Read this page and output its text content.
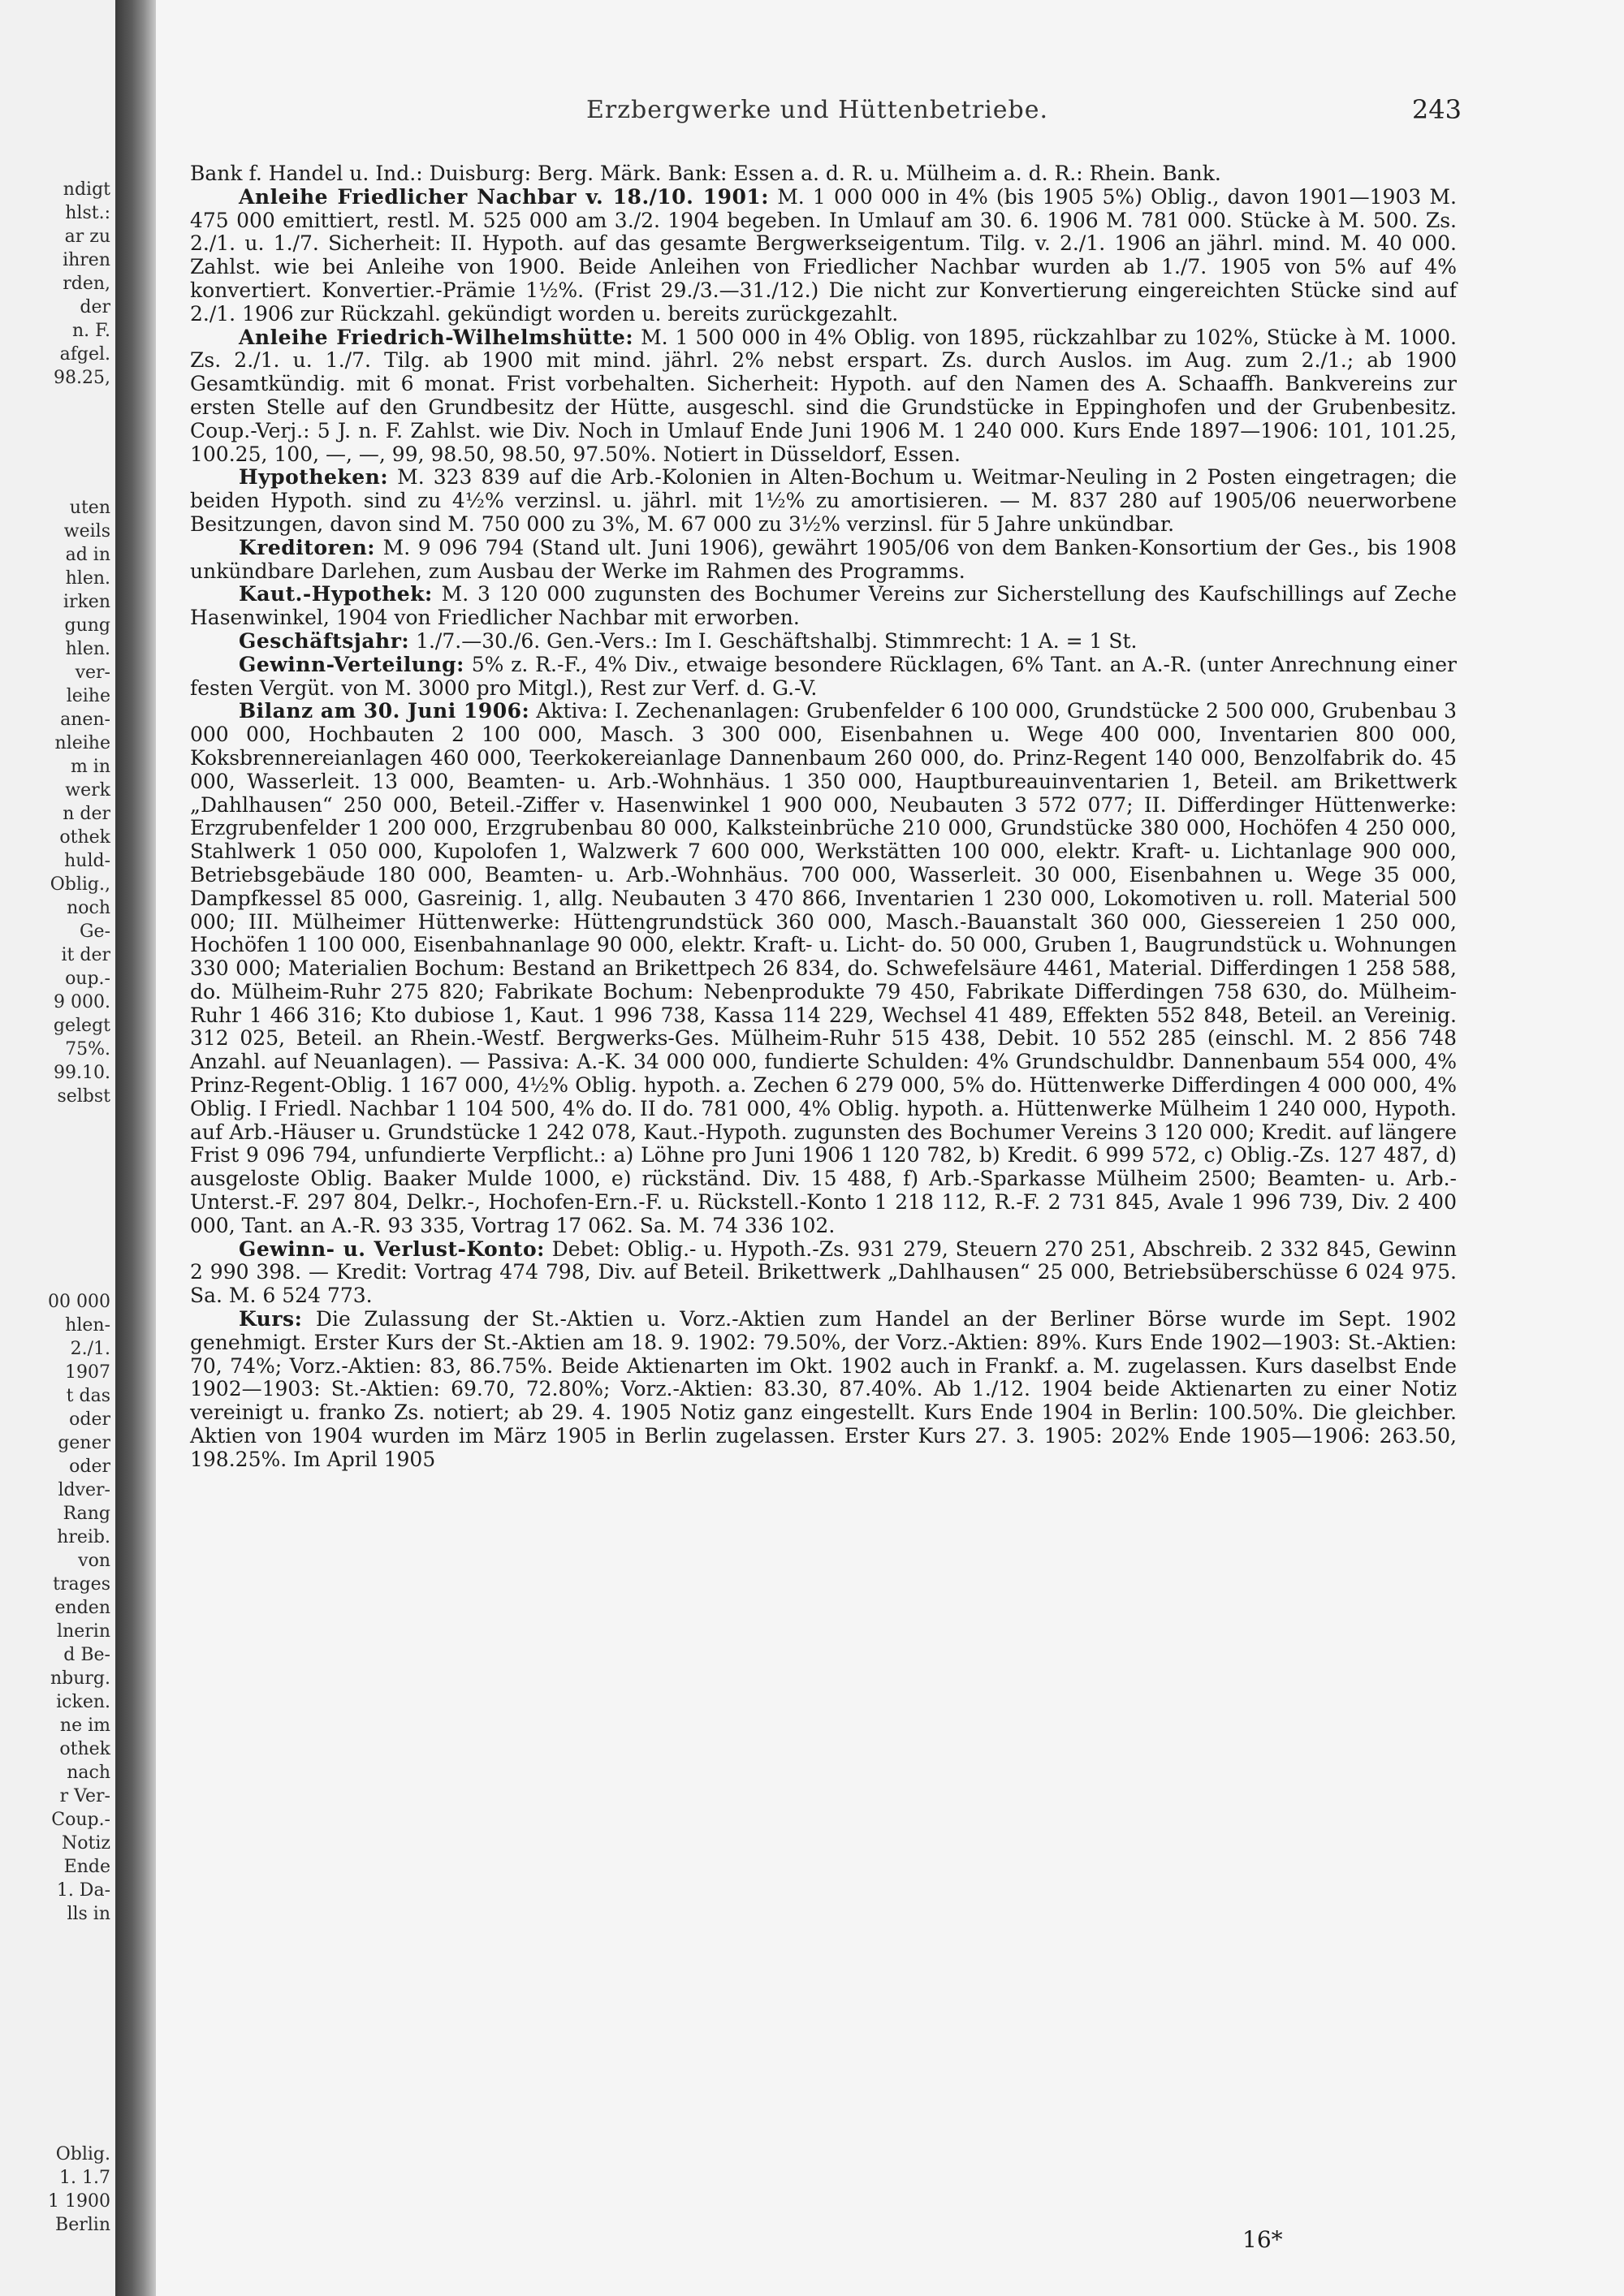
ndigt
hlst.:
ar zu
ihren
rden,
der
n. F.
afgel.
98.25,
uten
weils
ad in
hlen.
irken
gung
hlen.
ver-
leihe
anen-
nleihe
m in
werk
n der
othek
huld-
Oblig.,
noch
Ge-
it der
oup.-
9 000.
gelegt
75%.
99.10.
selbst
00 000
hlen-
2./1.
1907
t das
oder
gener
oder
ldver-
Rang
hreib.
von
trages
enden
lnerin
d Be-
nburg.
icken.
ne im
othek
nach
r Ver-
Coup.-
Notiz
Ende
1. Da-
lls in
Oblig.
1. 1.7
1 1900
Berlin
Erzbergwerke und Hüttenbetriebe.	243

Bank f. Handel u. Ind.: Duisburg: Berg. Märk. Bank: Essen a. d. R. u. Mülheim a. d. R.: Rhein. Bank.

Anleihe Friedlicher Nachbar v. 18./10. 1901: M. 1 000 000 in 4% (bis 1905 5%) Oblig., davon 1901—1903 M. 475 000 emittiert, restl. M. 525 000 am 3./2. 1904 begeben. In Umlauf am 30. 6. 1906 M. 781 000. Stücke à M. 500. Zs. 2./1. u. 1./7. Sicherheit: II. Hypoth. auf das gesamte Bergwerkseigentum. Tilg. v. 2./1. 1906 an jährl. mind. M. 40 000. Zahlst. wie bei Anleihe von 1900. Beide Anleihen von Friedlicher Nachbar wurden ab 1./7. 1905 von 5% auf 4% konvertiert. Konvertier.-Prämie 1½%. (Frist 29./3.—31./12.) Die nicht zur Konvertierung eingereichten Stücke sind auf 2./1. 1906 zur Rückzahl. gekündigt worden u. bereits zurückgezahlt.

Anleihe Friedrich-Wilhelmshütte: M. 1 500 000 in 4% Oblig. von 1895, rückzahlbar zu 102%, Stücke à M. 1000. Zs. 2./1. u. 1./7. Tilg. ab 1900 mit mind. jährl. 2% nebst erspart. Zs. durch Auslos. im Aug. zum 2./1.; ab 1900 Gesamtkündig. mit 6 monat. Frist vorbehalten. Sicherheit: Hypoth. auf den Namen des A. Schaaffh. Bankvereins zur ersten Stelle auf den Grundbesitz der Hütte, ausgeschl. sind die Grundstücke in Eppinghofen und der Grubenbesitz. Coup.-Verj.: 5 J. n. F. Zahlst. wie Div. Noch in Umlauf Ende Juni 1906 M. 1 240 000. Kurs Ende 1897—1906: 101, 101.25, 100.25, 100, —, —, 99, 98.50, 98.50, 97.50%. Notiert in Düsseldorf, Essen.

Hypotheken: M. 323 839 auf die Arb.-Kolonien in Alten-Bochum u. Weitmar-Neuling in 2 Posten eingetragen; die beiden Hypoth. sind zu 4½% verzinsl. u. jährl. mit 1½% zu amortisieren. — M. 837 280 auf 1905/06 neuerworbene Besitzungen, davon sind M. 750 000 zu 3%, M. 67 000 zu 3½% verzinsl. für 5 Jahre unkündbar.

Kreditoren: M. 9 096 794 (Stand ult. Juni 1906), gewährt 1905/06 von dem Banken-Konsortium der Ges., bis 1908 unkündbare Darlehen, zum Ausbau der Werke im Rahmen des Programms.

Kaut.-Hypothek: M. 3 120 000 zugunsten des Bochumer Vereins zur Sicherstellung des Kaufschillings auf Zeche Hasenwinkel, 1904 von Friedlicher Nachbar mit erworben.

Geschäftsjahr: 1./7.—30./6. Gen.-Vers.: Im I. Geschäftshalbj. Stimmrecht: 1 A. = 1 St.

Gewinn-Verteilung: 5% z. R.-F., 4% Div., etwaige besondere Rücklagen, 6% Tant. an A.-R. (unter Anrechnung einer festen Vergüt. von M. 3000 pro Mitgl.), Rest zur Verf. d. G.-V.

Bilanz am 30. Juni 1906: Aktiva: I. Zechenanlagen: Grubenfelder 6 100 000, Grundstücke 2 500 000, Grubenbau 3 000 000, Hochbauten 2 100 000, Masch. 3 300 000, Eisenbahnen u. Wege 400 000, Inventarien 800 000, Koksbrennereianlagen 460 000, Teerkokereianlage Dannenbaum 260 000, do. Prinz-Regent 140 000, Benzolfabrik do. 45 000, Wasserleit. 13 000, Beamten- u. Arb.-Wohnhäus. 1 350 000, Hauptbureauinventarien 1, Beteil. am Brikettwerk „Dahlhausen“ 250 000, Beteil.-Ziffer v. Hasenwinkel 1 900 000, Neubauten 3 572 077; II. Differdinger Hüttenwerke: Erzgrubenfelder 1 200 000, Erzgrubenbau 80 000, Kalksteinbrüche 210 000, Grundstücke 380 000, Hochöfen 4 250 000, Stahlwerk 1 050 000, Kupolofen 1, Walzwerk 7 600 000, Werkstätten 100 000, elektr. Kraft- u. Lichtanlage 900 000, Betriebsgebäude 180 000, Beamten- u. Arb.-Wohnhäus. 700 000, Wasserleit. 30 000, Eisenbahnen u. Wege 35 000, Dampfkessel 85 000, Gasreinig. 1, allg. Neubauten 3 470 866, Inventarien 1 230 000, Lokomotiven u. roll. Material 500 000; III. Mülheimer Hüttenwerke: Hüttengrundstück 360 000, Masch.-Bauanstalt 360 000, Giessereien 1 250 000, Hochöfen 1 100 000, Eisenbahnanlage 90 000, elektr. Kraft- u. Licht- do. 50 000, Gruben 1, Baugrundstück u. Wohnungen 330 000; Materialien Bochum: Bestand an Brikettpech 26 834, do. Schwefelsäure 4461, Material. Differdingen 1 258 588, do. Mülheim-Ruhr 275 820; Fabrikate Bochum: Nebenprodukte 79 450, Fabrikate Differdingen 758 630, do. Mülheim-Ruhr 1 466 316; Kto dubiose 1, Kaut. 1 996 738, Kassa 114 229, Wechsel 41 489, Effekten 552 848, Beteil. an Vereinig. 312 025, Beteil. an Rhein.-Westf. Bergwerks-Ges. Mülheim-Ruhr 515 438, Debit. 10 552 285 (einschl. M. 2 856 748 Anzahl. auf Neuanlagen). — Passiva: A.-K. 34 000 000, fundierte Schulden: 4% Grundschuldbr. Dannenbaum 554 000, 4% Prinz-Regent-Oblig. 1 167 000, 4½% Oblig. hypoth. a. Zechen 6 279 000, 5% do. Hüttenwerke Differdingen 4 000 000, 4% Oblig. I Friedl. Nachbar 1 104 500, 4% do. II do. 781 000, 4% Oblig. hypoth. a. Hüttenwerke Mülheim 1 240 000, Hypoth. auf Arb.-Häuser u. Grundstücke 1 242 078, Kaut.-Hypoth. zugunsten des Bochumer Vereins 3 120 000; Kredit. auf längere Frist 9 096 794, unfundierte Verpflicht.: a) Löhne pro Juni 1906 1 120 782, b) Kredit. 6 999 572, c) Oblig.-Zs. 127 487, d) ausgeloste Oblig. Baaker Mulde 1000, e) rückständ. Div. 15 488, f) Arb.-Sparkasse Mülheim 2500; Beamten- u. Arb.-Unterst.-F. 297 804, Delkr.-, Hochofen-Ern.-F. u. Rückstell.-Konto 1 218 112, R.-F. 2 731 845, Avale 1 996 739, Div. 2 400 000, Tant. an A.-R. 93 335, Vortrag 17 062. Sa. M. 74 336 102.

Gewinn- u. Verlust-Konto: Debet: Oblig.- u. Hypoth.-Zs. 931 279, Steuern 270 251, Abschreib. 2 332 845, Gewinn 2 990 398. — Kredit: Vortrag 474 798, Div. auf Beteil. Brikettwerk „Dahlhausen“ 25 000, Betriebsüberschüsse 6 024 975. Sa. M. 6 524 773.

Kurs: Die Zulassung der St.-Aktien u. Vorz.-Aktien zum Handel an der Berliner Börse wurde im Sept. 1902 genehmigt. Erster Kurs der St.-Aktien am 18. 9. 1902: 79.50%, der Vorz.-Aktien: 89%. Kurs Ende 1902—1903: St.-Aktien: 70, 74%; Vorz.-Aktien: 83, 86.75%. Beide Aktienarten im Okt. 1902 auch in Frankf. a. M. zugelassen. Kurs daselbst Ende 1902—1903: St.-Aktien: 69.70, 72.80%; Vorz.-Aktien: 83.30, 87.40%. Ab 1./12. 1904 beide Aktienarten zu einer Notiz vereinigt u. franko Zs. notiert; ab 29. 4. 1905 Notiz ganz eingestellt. Kurs Ende 1904 in Berlin: 100.50%. Die gleichber. Aktien von 1904 wurden im März 1905 in Berlin zugelassen. Erster Kurs 27. 3. 1905: 202% Ende 1905—1906: 263.50, 198.25%. Im April 1905

16*
